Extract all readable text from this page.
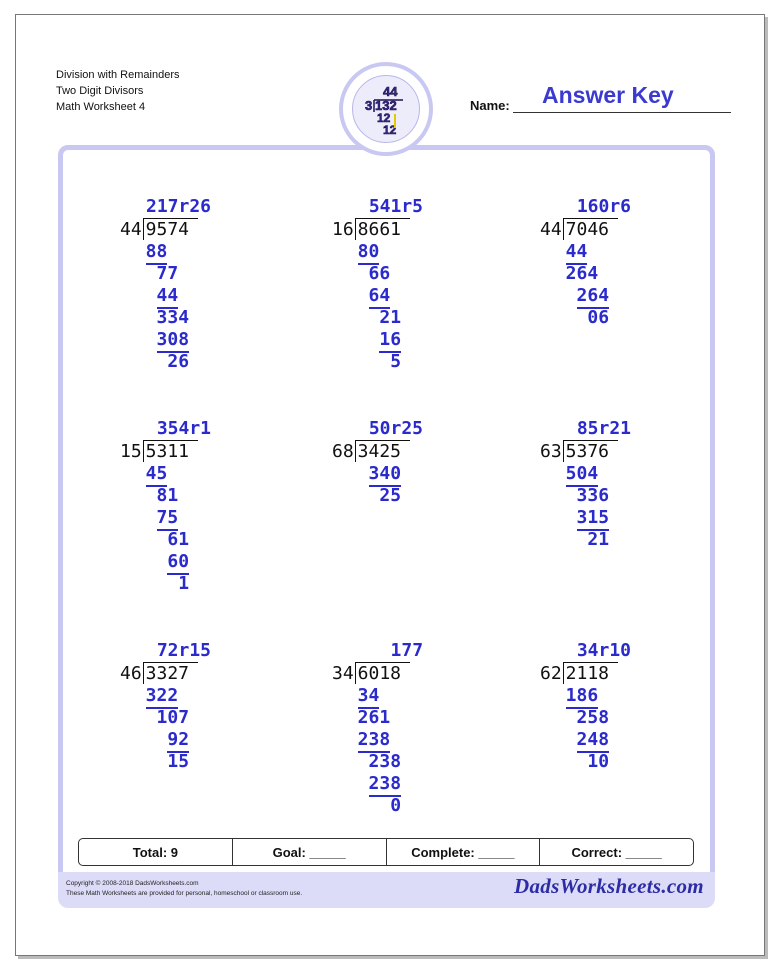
Division with Remainders
Two Digit Divisors
Math Worksheet 4
44
3 132
12
12
Answer Key
Name:
217r26
44 9574
88
77
44
334
308
26
541r5
16 8661
80
66
64
21
16
5
160r6
44 7046
44
264
264
06
354r1
15 5311
45
81
75
61
60
1
50r25
68 3425
340
25
85r21
63 5376
504
336
315
21
72r15
46 3327
322
107
92
15
177
34 6018
34
261
238
238
238
0
34r10
62 2118
186
258
248
10
Total: 9	Goal: _____	Complete: _____	Correct: _____
Copyright © 2008-2018 DadsWorksheets.com
These Math Worksheets are provided for personal, homeschool or classroom use.	DadsWorksheets.com
